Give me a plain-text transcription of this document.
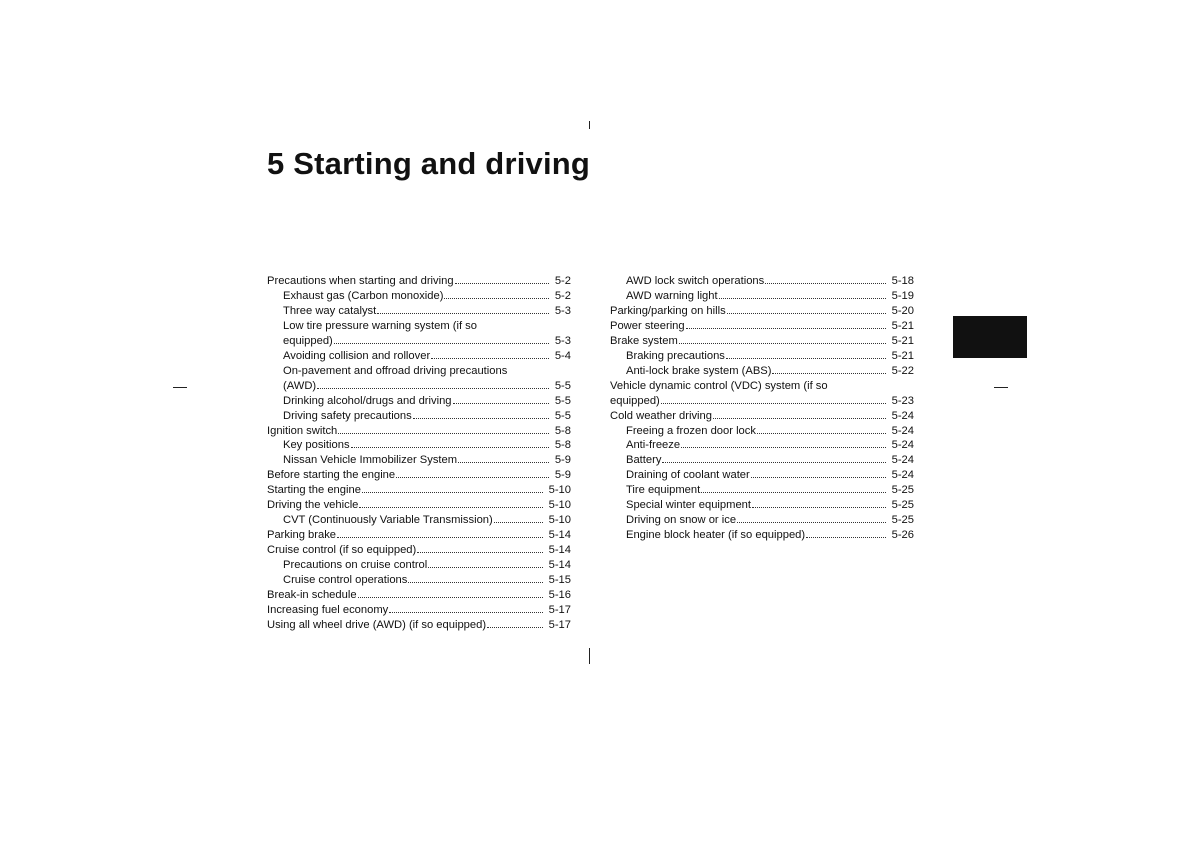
5 Starting and driving
Precautions when starting and driving	5-2
Exhaust gas (Carbon monoxide)	5-2
Three way catalyst	5-3
Low tire pressure warning system (if so
equipped)	5-3
Avoiding collision and rollover	5-4
On-pavement and offroad driving precautions
(AWD)	5-5
Drinking alcohol/drugs and driving	5-5
Driving safety precautions	5-5
Ignition switch	5-8
Key positions	5-8
Nissan Vehicle Immobilizer System	5-9
Before starting the engine	5-9
Starting the engine	5-10
Driving the vehicle	5-10
CVT (Continuously Variable Transmission)	5-10
Parking brake	5-14
Cruise control (if so equipped)	5-14
Precautions on cruise control	5-14
Cruise control operations	5-15
Break-in schedule	5-16
Increasing fuel economy	5-17
Using all wheel drive (AWD) (if so equipped)	5-17
AWD lock switch operations	5-18
AWD warning light	5-19
Parking/parking on hills	5-20
Power steering	5-21
Brake system	5-21
Braking precautions	5-21
Anti-lock brake system (ABS)	5-22
Vehicle dynamic control (VDC) system (if so
equipped)	5-23
Cold weather driving	5-24
Freeing a frozen door lock	5-24
Anti-freeze	5-24
Battery	5-24
Draining of coolant water	5-24
Tire equipment	5-25
Special winter equipment	5-25
Driving on snow or ice	5-25
Engine block heater (if so equipped)	5-26
